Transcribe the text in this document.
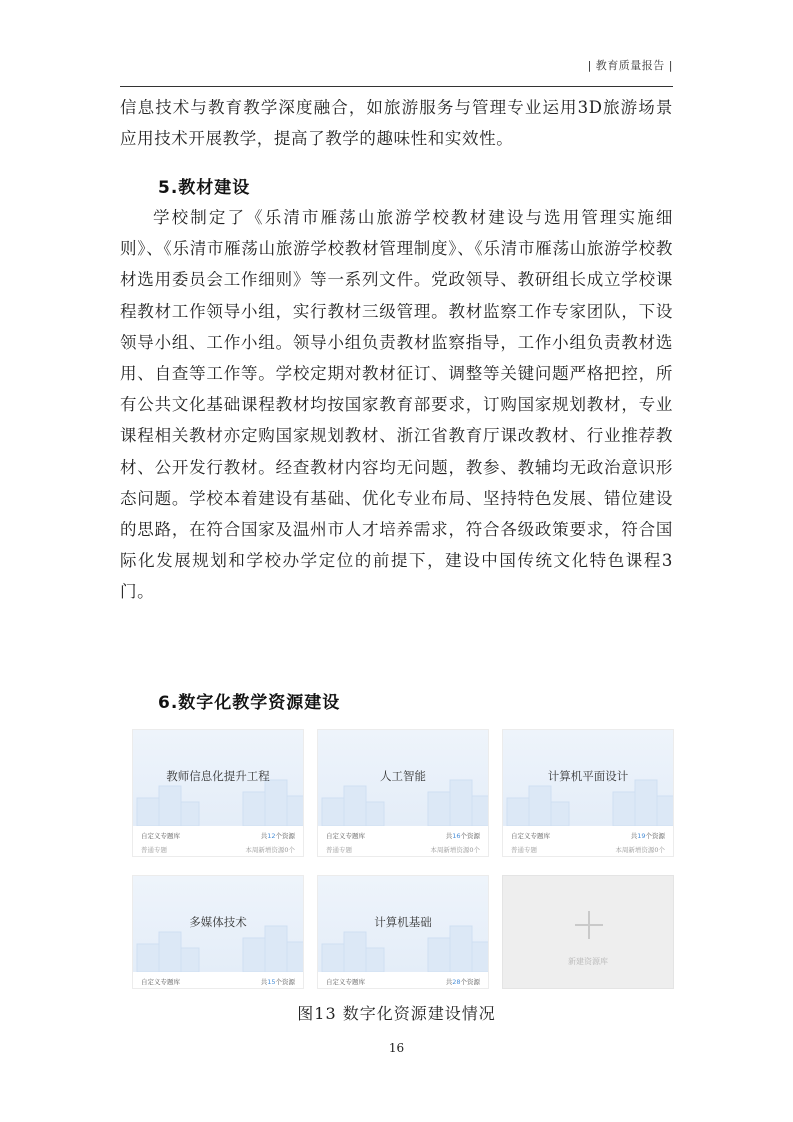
| 教育质量报告 |

信息技术与教育教学深度融合，如旅游服务与管理专业运用3D旅游场景应用技术开展教学，提高了教学的趣味性和实效性。

5.教材建设

学校制定了《乐清市雁荡山旅游学校教材建设与选用管理实施细则》、《乐清市雁荡山旅游学校教材管理制度》、《乐清市雁荡山旅游学校教材选用委员会工作细则》等一系列文件。党政领导、教研组长成立学校课程教材工作领导小组，实行教材三级管理。教材监察工作专家团队，下设领导小组、工作小组。领导小组负责教材监察指导，工作小组负责教材选用、自查等工作等。学校定期对教材征订、调整等关键问题严格把控，所有公共文化基础课程教材均按国家教育部要求，订购国家规划教材，专业课程相关教材亦定购国家规划教材、浙江省教育厅课改教材、行业推荐教材、公开发行教材。经查教材内容均无问题，教参、教辅均无政治意识形态问题。学校本着建设有基础、优化专业布局、坚持特色发展、错位建设的思路，在符合国家及温州市人才培养需求，符合各级政策要求，符合国际化发展规划和学校办学定位的前提下，建设中国传统文化特色课程3门。

6.数字化教学资源建设
教师信息化提升工程
自定义专题库	共12个资源
普通专题	本周新增资源0个
人工智能
自定义专题库	共16个资源
普通专题	本周新增资源0个
计算机平面设计
自定义专题库	共19个资源
普通专题	本周新增资源0个
多媒体技术
自定义专题库	共15个资源
计算机基础
自定义专题库	共28个资源
新建资源库
图13 数字化资源建设情况
16
